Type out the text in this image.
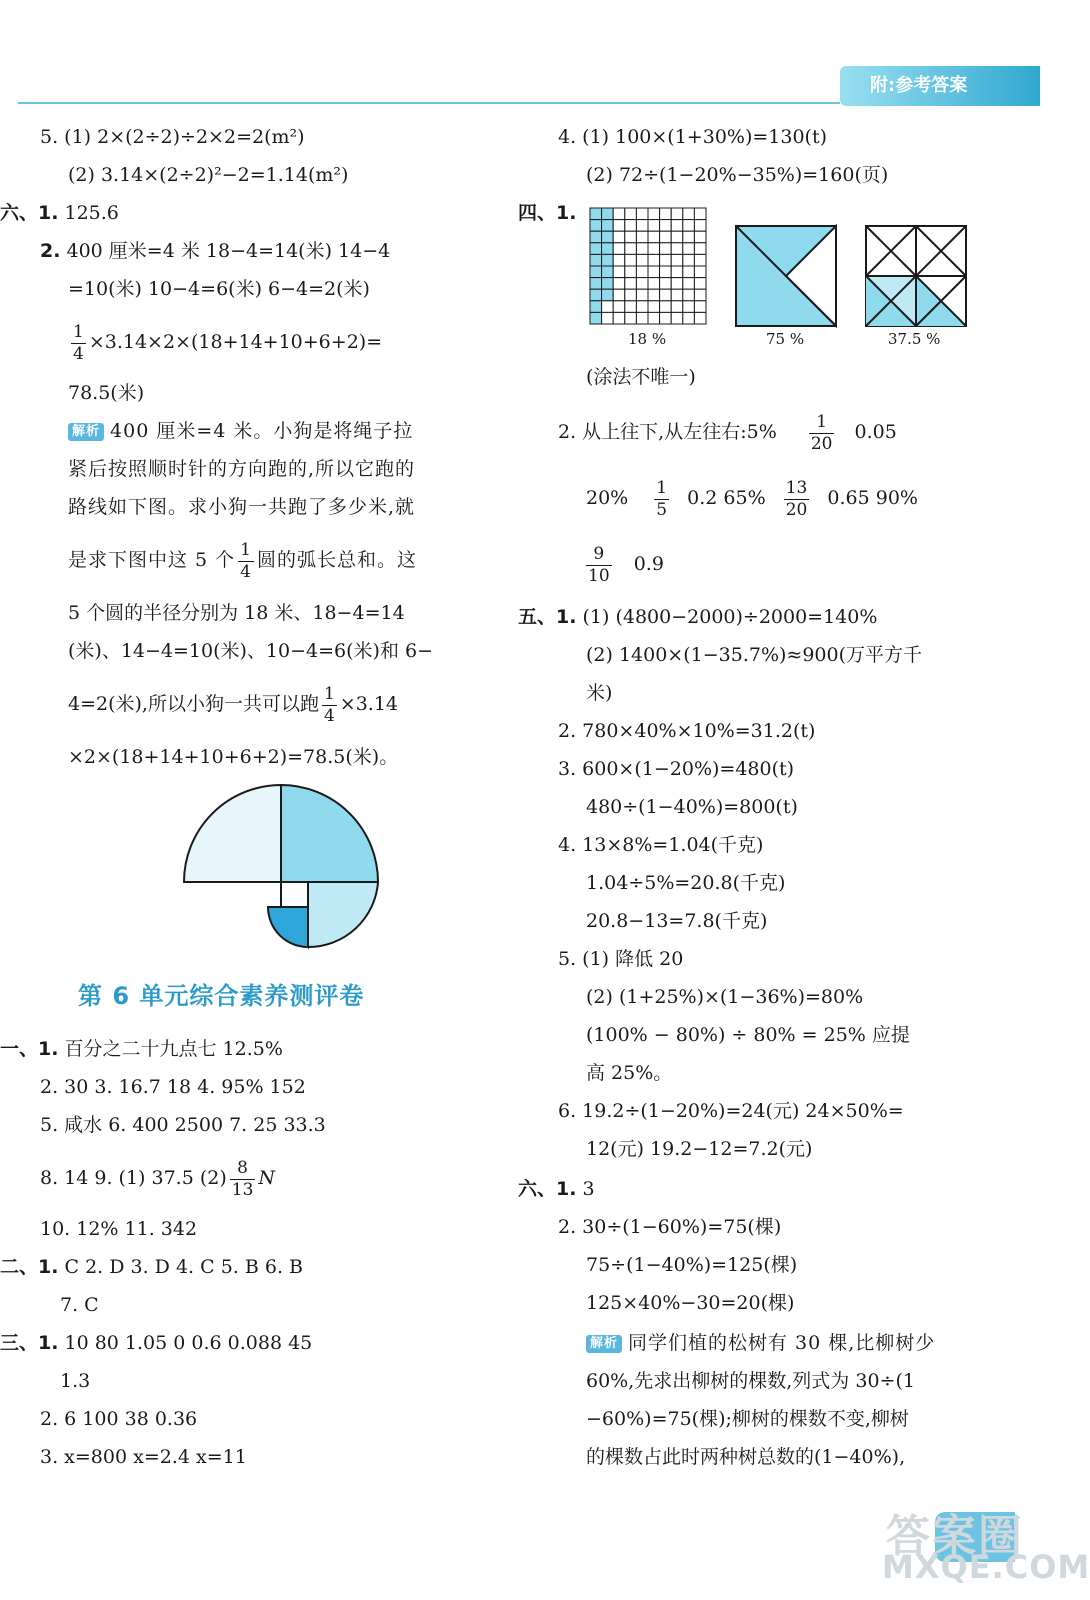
附:参考答案
5. (1) 2×(2÷2)÷2×2=2(m²)
(2) 3.14×(2÷2)²−2=1.14(m²)
六、1. 125.6
2. 400 厘米=4 米 18−4=14(米) 14−4
=10(米) 10−4=6(米) 6−4=2(米)
$\frac{1}{4} \times 3.14\times 2\times(18+14+10+6+2)=$
78.5(米)
解析 400 厘米=4 米。小狗是将绳子拉
紧后按照顺时针的方向跑的,所以它跑的
路线如下图。求小狗一共跑了多少米,就
是求下图中这 5 个 $\frac{1}{4}$ 圆的弧长总和。这
5 个圆的半径分别为 18 米、18−4=14
(米)、14−4=10(米)、10−4=6(米)和 6−
4=2(米),所以小狗一共可以跑 $\frac{1}{4} \times 3.14$
×2×(18+14+10+6+2)=78.5(米)。
第 6 单元综合素养测评卷
一、1. 百分之二十九点七 12.5%
2. 30 3. 16.7 18 4. 95% 152
5. 咸水 6. 400 2500 7. 25 33.3
8. 14 9. (1) 37.5 $(2) \frac{8}{13}$ N
10. 12% 11. 342
二、1. C 2. D 3. D 4. C 5. B 6. B
7. C
三、1. 10 80 1.05 0 0.6 0.088 45
1.3
2. 6 100 38 0.36
3. x=800 x=2.4 x=11
4. (1) 100×(1+30%)=130(t)
(2) 72÷(1−20%−35%)=160(页)
四、1.
18 %	75 %	37.5 %
(涂法不唯一)
2. 从上往下,从左往右:5% $\frac{1}{20} 0.05$
$20\% \frac{1}{5} 0.2$ $65\% \frac{13}{20} 0.65$ 90%
$\frac{9}{10} 0.9$
五、1. (1) (4800−2000)÷2000=140%
(2) 1400×(1−35.7%)≈900(万平方千
米)
2. 780×40%×10%=31.2(t)
3. 600×(1−20%)=480(t)
480÷(1−40%)=800(t)
4. 13×8%=1.04(千克)
1.04÷5%=20.8(千克)
20.8−13=7.8(千克)
5. (1) 降低 20
(2) (1+25%)×(1−36%)=80%
(100% − 80%) ÷ 80% = 25% 应提
高 25%。
6. 19.2÷(1−20%)=24(元) 24×50%=
12(元) 19.2−12=7.2(元)
六、1. 3
2. 30÷(1−60%)=75(棵)
75÷(1−40%)=125(棵)
125×40%−30=20(棵)
解析 同学们植的松树有 30 棵,比柳树少
60%,先求出柳树的棵数,列式为 30÷(1
−60%)=75(棵);柳树的棵数不变,柳树
的棵数占此时两种树总数的(1−40%),
答案圈
MXQE.COM
